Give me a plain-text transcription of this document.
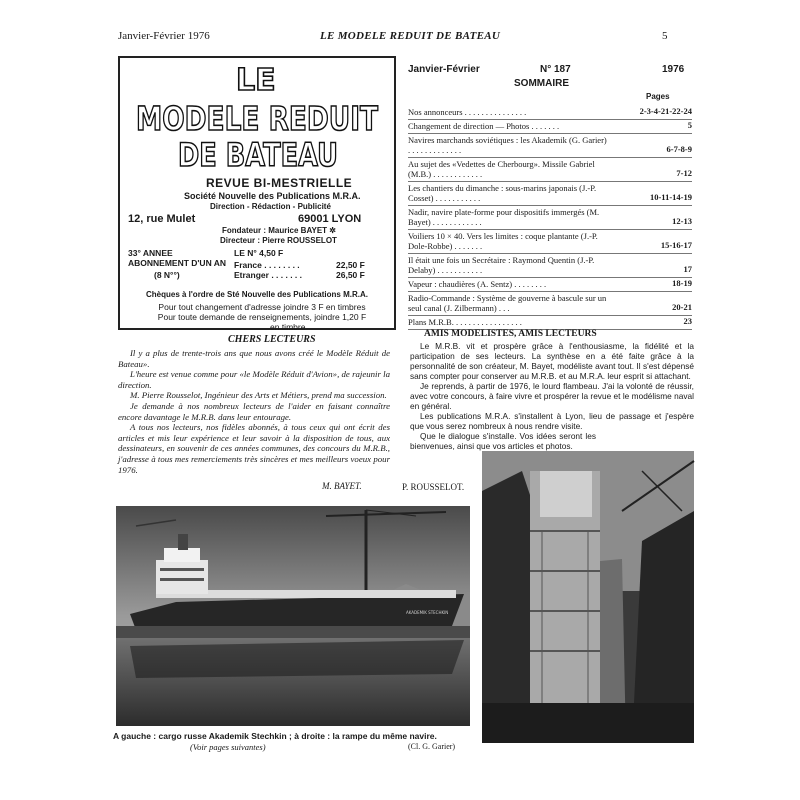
Janvier-Février 1976	LE MODELE REDUIT DE BATEAU	5
LE
MODELE REDUIT
DE BATEAU
REVUE BI-MESTRIELLE
Société Nouvelle des Publications M.R.A.
Direction - Rédaction - Publicité
12, rue Mulet	69001 LYON
Fondateur : Maurice BAYET ✲
Directeur : Pierre ROUSSELOT
33° ANNEE	LE N° 4,50 F
ABONNEMENT D'UN AN
(8 N°°)
France . . . . . . . .	22,50 F
Etranger . . . . . . .	26,50 F
Chèques à l'ordre de Sté Nouvelle des Publications M.R.A.
Pour tout changement d'adresse joindre 3 F en timbres
Pour toute demande de renseignements, joindre 1,20 F
en timbre
Janvier-Février	N° 187	1976
SOMMAIRE
Pages
Nos annonceurs . . . . . . . . . . . . . . .	2-3-4-21-22-24
Changement de direction — Photos . . . . . . .	5
Navires marchands soviétiques : les Akademik (G. Garier) . . . . . . . . . . . . .	6-7-8-9
Au sujet des «Vedettes de Cherbourg». Missile Gabriel (M.B.) . . . . . . . . . . . .	7-12
Les chantiers du dimanche : sous-marins japonais (J.-P. Cosset) . . . . . . . . . . .	10-11-14-19
Nadir, navire plate-forme pour dispositifs immergés (M. Bayet) . . . . . . . . . . . .	12-13
Voiliers 10 × 40. Vers les limites : coque plantante (J.-P. Dole-Robbe) . . . . . . .	15-16-17
Il était une fois un Secrétaire : Raymond Quentin (J.-P. Delaby) . . . . . . . . . . .	17
Vapeur : chaudières (A. Sentz) . . . . . . . .	18-19
Radio-Commande : Système de gouverne à bascule sur un seul canal (J. Zilbermann) . . .	20-21
Plans M.R.B. . . . . . . . . . . . . . . . .	23
CHERS LECTEURS

Il y a plus de trente-trois ans que nous avons créé le Modèle Réduit de Bateau».

L'heure est venue comme pour «le Modèle Réduit d'Avion», de rajeunir la direction.

M. Pierre Rousselot, Ingénieur des Arts et Métiers, prend ma succession.

Je demande à nos nombreux lecteurs de l'aider en faisant connaître encore davantage le M.R.B. dans leur entourage.

A tous nos lecteurs, nos fidèles abonnés, à tous ceux qui ont écrit des articles et mis leur expérience et leur savoir à la disposition de tous, aux dessinateurs, en souvenir de ces années communes, des concours du M.R.B., j'adresse à tous mes remerciements très sincères et mes meilleurs voeux pour 1976.

M. BAYET.
AMIS MODELISTES, AMIS LECTEURS

Le M.R.B. vit et prospère grâce à l'enthousiasme, la fidélité et la participation de ses lecteurs. La synthèse en a été faite grâce à la personnalité de son créateur, M. Bayet, modéliste avant tout. Il s'est dépensé sans compter pour conserver au M.R.B. et au M.R.A. leur esprit si attachant.

Je reprends, à partir de 1976, le lourd flambeau. J'ai la volonté de réussir, avec votre concours, à faire vivre et prospérer la revue et le modélisme naval en général.

Les publications M.R.A. s'installent à Lyon, lieu de passage et j'espère que vous serez nombreux à nous rendre visite.

Que le dialogue s'installe. Vos idées seront les bienvenues, ainsi que vos articles et photos.

P. ROUSSELOT.
AKADEMIK STECHKIN
A gauche : cargo russe Akademik Stechkin ; à droite : la rampe du même navire.
(Voir pages suivantes)	(Cl. G. Garier)
